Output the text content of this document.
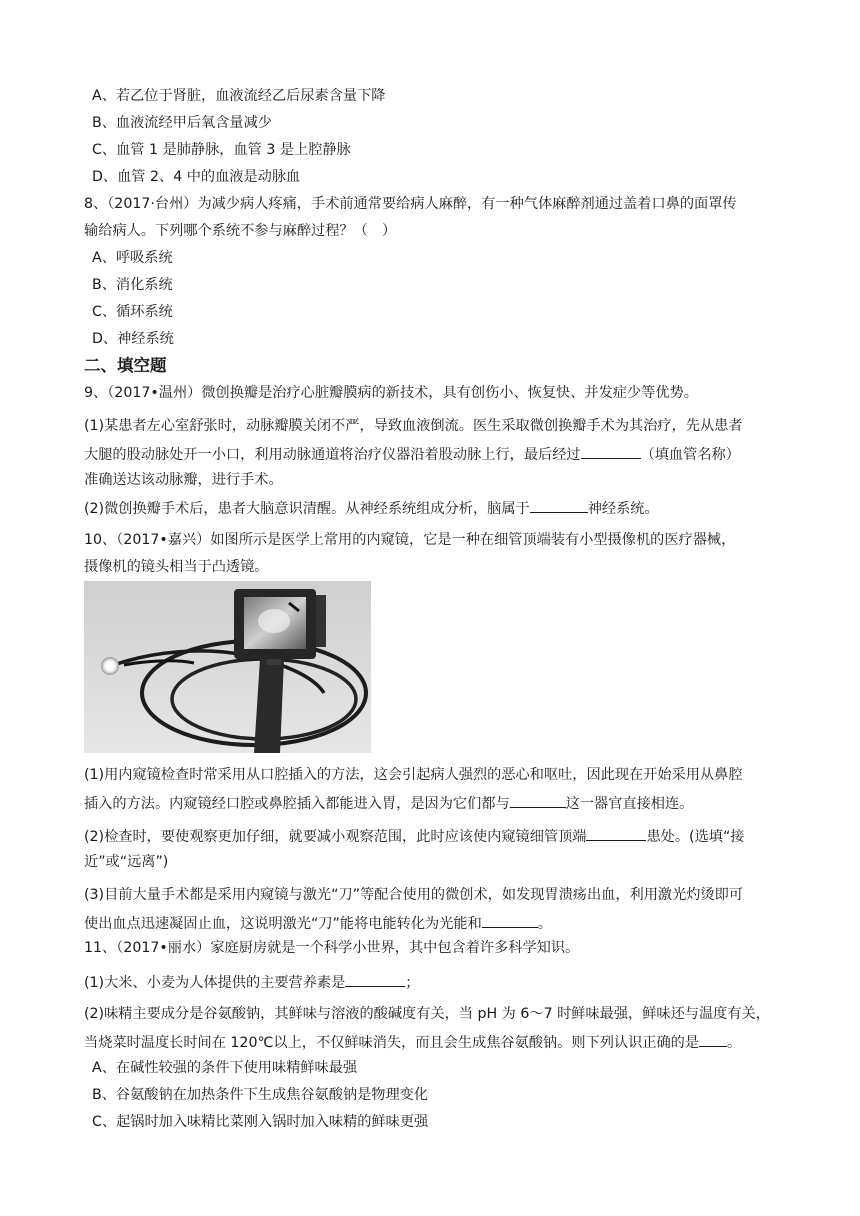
A、若乙位于肾脏，血液流经乙后尿素含量下降
B、血液流经甲后氧含量减少
C、血管 1 是肺静脉，血管 3 是上腔静脉
D、血管 2、4 中的血液是动脉血
8、（2017·台州）为减少病人疼痛，手术前通常要给病人麻醉，有一种气体麻醉剂通过盖着口鼻的面罩传
输给病人。下列哪个系统不参与麻醉过程？（　）
A、呼吸系统
B、消化系统
C、循环系统
D、神经系统
二、填空题
9、（2017•温州）微创换瓣是治疗心脏瓣膜病的新技术，具有创伤小、恢复快、并发症少等优势。
(1)某患者左心室舒张时，动脉瓣膜关闭不严，导致血液倒流。医生采取微创换瓣手术为其治疗，先从患者
大腿的股动脉处开一小口，利用动脉通道将治疗仪器沿着股动脉上行，最后经过	（填血管名称）
准确送达该动脉瓣，进行手术。
(2)微创换瓣手术后，患者大脑意识清醒。从神经系统组成分析，脑属于	神经系统。
10、（2017•嘉兴）如图所示是医学上常用的内窥镜，它是一种在细管顶端装有小型摄像机的医疗器械，
摄像机的镜头相当于凸透镜。
(1)用内窥镜检查时常采用从口腔插入的方法，这会引起病人强烈的恶心和呕吐，因此现在开始采用从鼻腔
插入的方法。内窥镜经口腔或鼻腔插入都能进入胃，是因为它们都与	这一器官直接相连。
(2)检查时，要使观察更加仔细，就要减小观察范围，此时应该使内窥镜细管顶端	患处。(选填“接
近”或“远离”)
(3)目前大量手术都是采用内窥镜与激光“刀”等配合使用的微创术，如发现胃溃疡出血，利用激光灼烫即可
使出血点迅速凝固止血，这说明激光“刀”能将电能转化为光能和	。
11、（2017•丽水）家庭厨房就是一个科学小世界，其中包含着许多科学知识。
(1)大米、小麦为人体提供的主要营养素是	；
(2)味精主要成分是谷氨酸钠，其鲜味与溶液的酸碱度有关，当 pH 为 6～7 时鲜味最强，鲜味还与温度有关，
当烧菜时温度长时间在 120℃以上，不仅鲜味消失，而且会生成焦谷氨酸钠。则下列认识正确的是 。
A、在碱性较强的条件下使用味精鲜味最强
B、谷氨酸钠在加热条件下生成焦谷氨酸钠是物理变化
C、起锅时加入味精比菜刚入锅时加入味精的鲜味更强
